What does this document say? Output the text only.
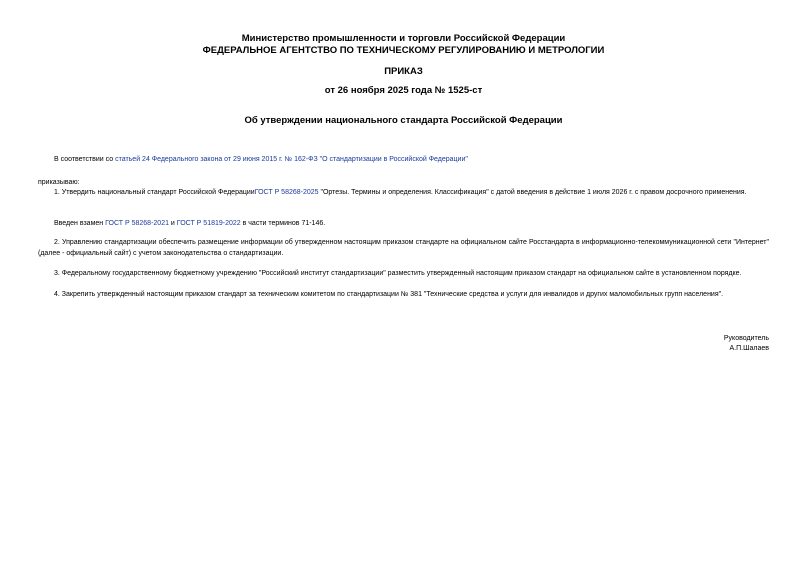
Министерство промышленности и торговли Российской Федерации
ФЕДЕРАЛЬНОЕ АГЕНТСТВО ПО ТЕХНИЧЕСКОМУ РЕГУЛИРОВАНИЮ И МЕТРОЛОГИИ
ПРИКАЗ
от 26 ноября 2025 года № 1525-ст
Об утверждении национального стандарта Российской Федерации
В соответствии со статьей 24 Федерального закона от 29 июня 2015 г. № 162-ФЗ "О стандартизации в Российской Федерации"
приказываю:
1. Утвердить национальный стандарт Российской ФедерацииГОСТ Р 58268-2025 "Ортезы. Термины и определения. Классификация" с датой введения в действие 1 июля 2026 г. с правом досрочного применения.
Введен взамен ГОСТ Р 58268-2021 и ГОСТ Р 51819-2022 в части терминов 71-146.
2. Управлению стандартизации обеспечить размещение информации об утвержденном настоящим приказом стандарте на официальном сайте Росстандарта в информационно-телекоммуникационной сети "Интернет" (далее - официальный сайт) с учетом законодательства о стандартизации.
3. Федеральному государственному бюджетному учреждению "Российский институт стандартизации" разместить утвержденный настоящим приказом стандарт на официальном сайте в установленном порядке.
4. Закрепить утвержденный настоящим приказом стандарт за техническим комитетом по стандартизации № 381 "Технические средства и услуги для инвалидов и других маломобильных групп населения".
Руководитель
А.П.Шалаев
